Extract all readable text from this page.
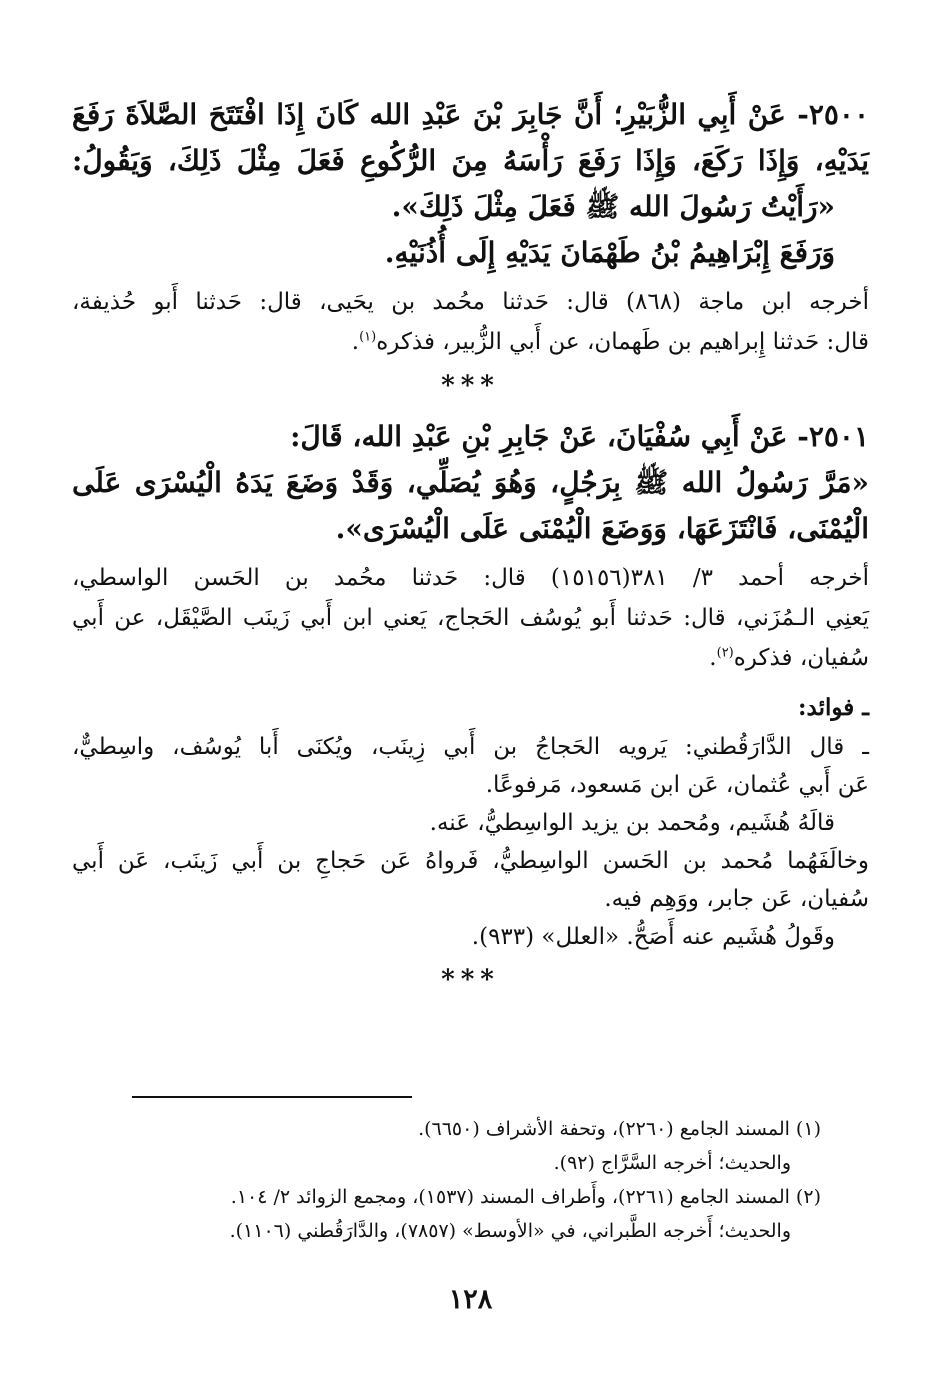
٢٥٠٠- عَنْ أَبِي الزُّبَيْرِ؛ أَنَّ جَابِرَ بْنَ عَبْدِ الله كَانَ إِذَا افْتَتَحَ الصَّلاَةَ رَفَعَ
يَدَيْهِ، وَإِذَا رَكَعَ، وَإِذَا رَفَعَ رَأْسَهُ مِنَ الرُّكُوعِ فَعَلَ مِثْلَ ذَلِكَ، وَيَقُولُ:
«رَأَيْتُ رَسُولَ الله ﷺ فَعَلَ مِثْلَ ذَلِكَ».
وَرَفَعَ إِبْرَاهِيمُ بْنُ طَهْمَانَ يَدَيْهِ إِلَى أُذُنَيْهِ.
أخرجه ابن ماجة (٨٦٨) قال: حَدثنا محُمد بن يحَيى، قال: حَدثنا أَبو حُذيفة،
قال: حَدثنا إِبراهيم بن طَهمان، عن أَبي الزُّبير، فذكره$^{(١)}$.
***
٢٥٠١- عَنْ أَبِي سُفْيَانَ، عَنْ جَابِرِ بْنِ عَبْدِ الله، قَالَ:
«مَرَّ رَسُولُ الله ﷺ بِرَجُلٍ، وَهُوَ يُصَلِّي، وَقَدْ وَضَعَ يَدَهُ الْيُسْرَى عَلَى
الْيُمْنَى، فَانْتَزَعَهَا، وَوَضَعَ الْيُمْنَى عَلَى الْيُسْرَى».
أخرجه أحمد ٣/ ٣٨١(١٥١٥٦) قال: حَدثنا محُمد بن الحَسن الواسطي،
يَعنِي الـمُزَني، قال: حَدثنا أَبو يُوسُف الحَجاج، يَعني ابن أَبي زَينَب الصَّيْقَل، عن أَبي
سُفيان، فذكره$^{(٢)}$.
ـ فوائد:
ـ قال الدَّارَقُطني: يَرويه الحَجاجُ بن أَبي زِينَب، ويُكنَى أَبا يُوسُف، واسِطيٌّ،
عَن أَبي عُثمان، عَن ابن مَسعود، مَرفوعًا.
قالَهُ هُشَيم، ومُحمد بن يزيد الواسِطيُّ، عَنه.
وخالَفَهُما مُحمد بن الحَسن الواسِطيُّ، فَرواهُ عَن حَجاجِ بن أَبي زَينَب، عَن أَبي
سُفيان، عَن جابر، ووَهِم فيه.
وقَولُ هُشَيم عنه أَصَحُّ. «العلل» (٩٣٣).
***
(١) المسند الجامع (٢٢٦٠)، وتحفة الأشراف (٦٦٥٠).
والحديث؛ أخرجه السَّرَّاج (٩٢).
(٢) المسند الجامع (٢٢٦١)، وأَطراف المسند (١٥٣٧)، ومجمع الزوائد ٢/ ١٠٤.
والحديث؛ أَخرجه الطَّبراني، في «الأوسط» (٧٨٥٧)، والدَّارَقُطني (١١٠٦).
١٢٨
